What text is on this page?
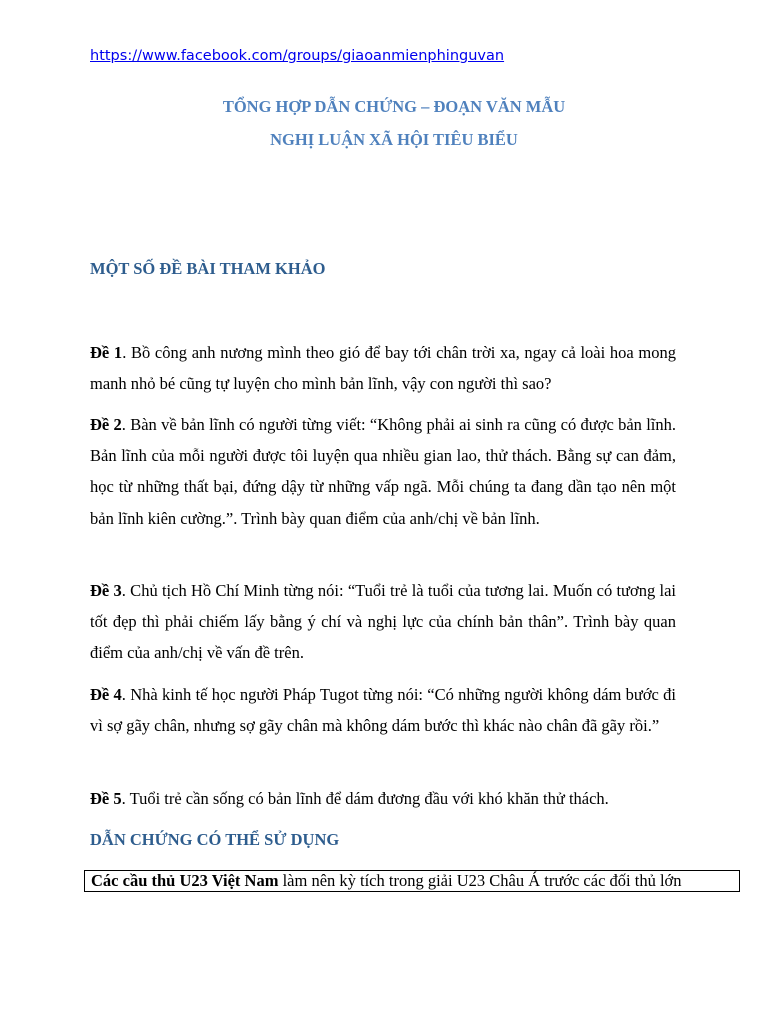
https://www.facebook.com/groups/giaoanmienphinguvan
TỔNG HỢP DẪN CHỨNG – ĐOẠN VĂN MẪU
NGHỊ LUẬN XÃ HỘI TIÊU BIỂU
MỘT SỐ ĐỀ BÀI THAM KHẢO

Đề 1. Bồ công anh nương mình theo gió để bay tới chân trời xa, ngay cả loài hoa mong manh nhỏ bé cũng tự luyện cho mình bản lĩnh, vậy con người thì sao?

Đề 2. Bàn về bản lĩnh có người từng viết: “Không phải ai sinh ra cũng có được bản lĩnh. Bản lĩnh của mỗi người được tôi luyện qua nhiều gian lao, thử thách. Bằng sự can đảm, học từ những thất bại, đứng dậy từ những vấp ngã. Mỗi chúng ta đang dần tạo nên một bản lĩnh kiên cường.”. Trình bày quan điểm của anh/chị về bản lĩnh.

Đề 3. Chủ tịch Hồ Chí Minh từng nói: “Tuổi trẻ là tuổi của tương lai. Muốn có tương lai tốt đẹp thì phải chiếm lấy bằng ý chí và nghị lực của chính bản thân”. Trình bày quan điểm của anh/chị về vấn đề trên.

Đề 4. Nhà kinh tế học người Pháp Tugot từng nói: “Có những người không dám bước đi vì sợ gãy chân, nhưng sợ gãy chân mà không dám bước thì khác nào chân đã gãy rồi.”

Đề 5. Tuổi trẻ cần sống có bản lĩnh để dám đương đầu với khó khăn thử thách.

DẪN CHỨNG CÓ THỂ SỬ DỤNG
Các cầu thủ U23 Việt Nam làm nên kỳ tích trong giải U23 Châu Á trước các đối thủ lớn
